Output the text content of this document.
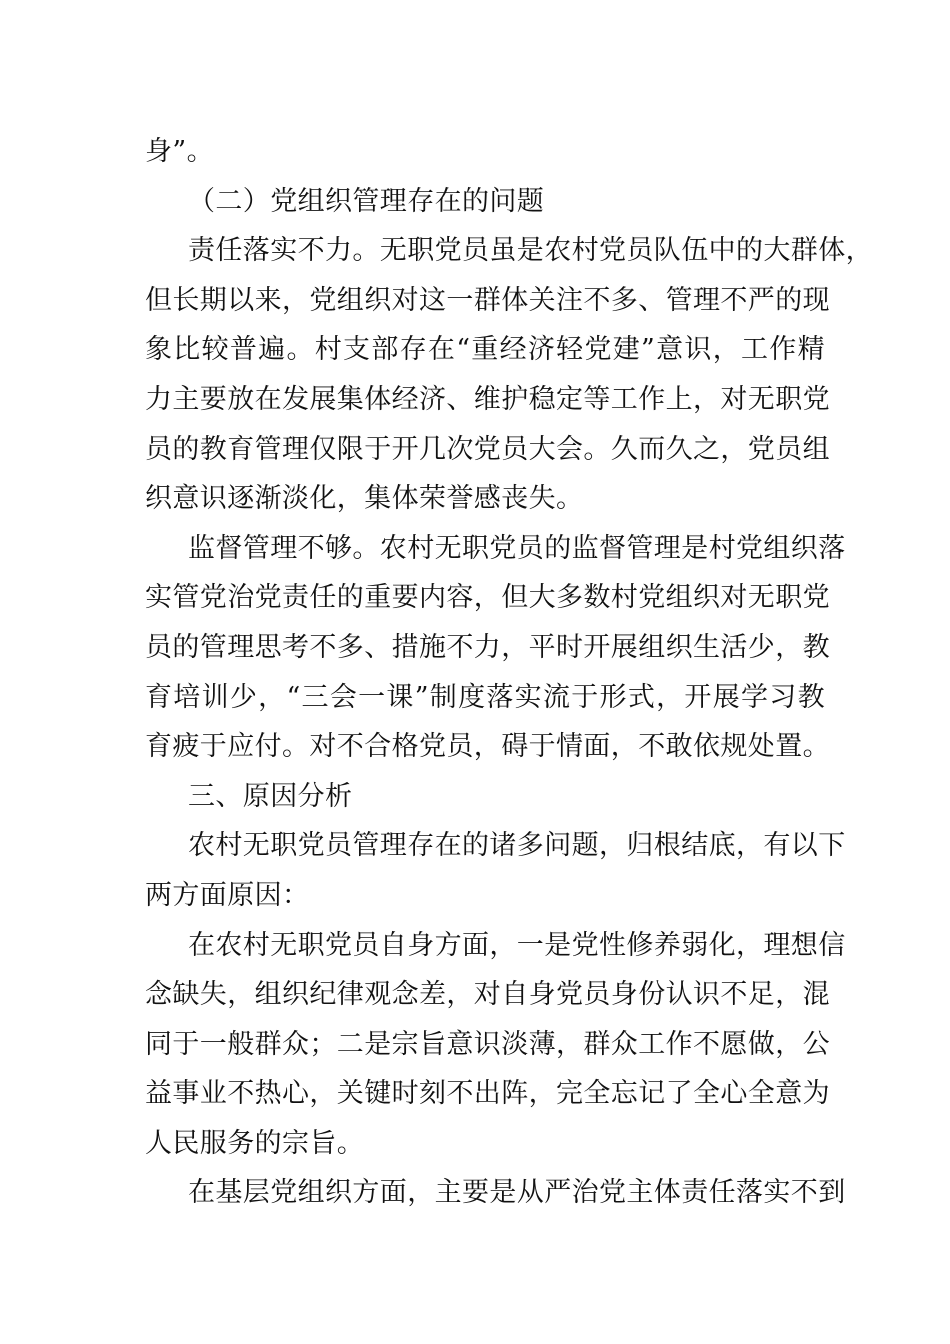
身”。
（二）党组织管理存在的问题
责任落实不力。无职党员虽是农村党员队伍中的大群体，
但长期以来，党组织对这一群体关注不多、管理不严的现
象比较普遍。村支部存在“重经济轻党建”意识，工作精
力主要放在发展集体经济、维护稳定等工作上，对无职党
员的教育管理仅限于开几次党员大会。久而久之，党员组
织意识逐渐淡化，集体荣誉感丧失。
监督管理不够。农村无职党员的监督管理是村党组织落
实管党治党责任的重要内容，但大多数村党组织对无职党
员的管理思考不多、措施不力，平时开展组织生活少，教
育培训少，“三会一课”制度落实流于形式，开展学习教
育疲于应付。对不合格党员，碍于情面，不敢依规处置。
三、原因分析
农村无职党员管理存在的诸多问题，归根结底，有以下
两方面原因：
在农村无职党员自身方面，一是党性修养弱化，理想信
念缺失，组织纪律观念差，对自身党员身份认识不足，混
同于一般群众；二是宗旨意识淡薄，群众工作不愿做，公
益事业不热心，关键时刻不出阵，完全忘记了全心全意为
人民服务的宗旨。
在基层党组织方面，主要是从严治党主体责任落实不到
